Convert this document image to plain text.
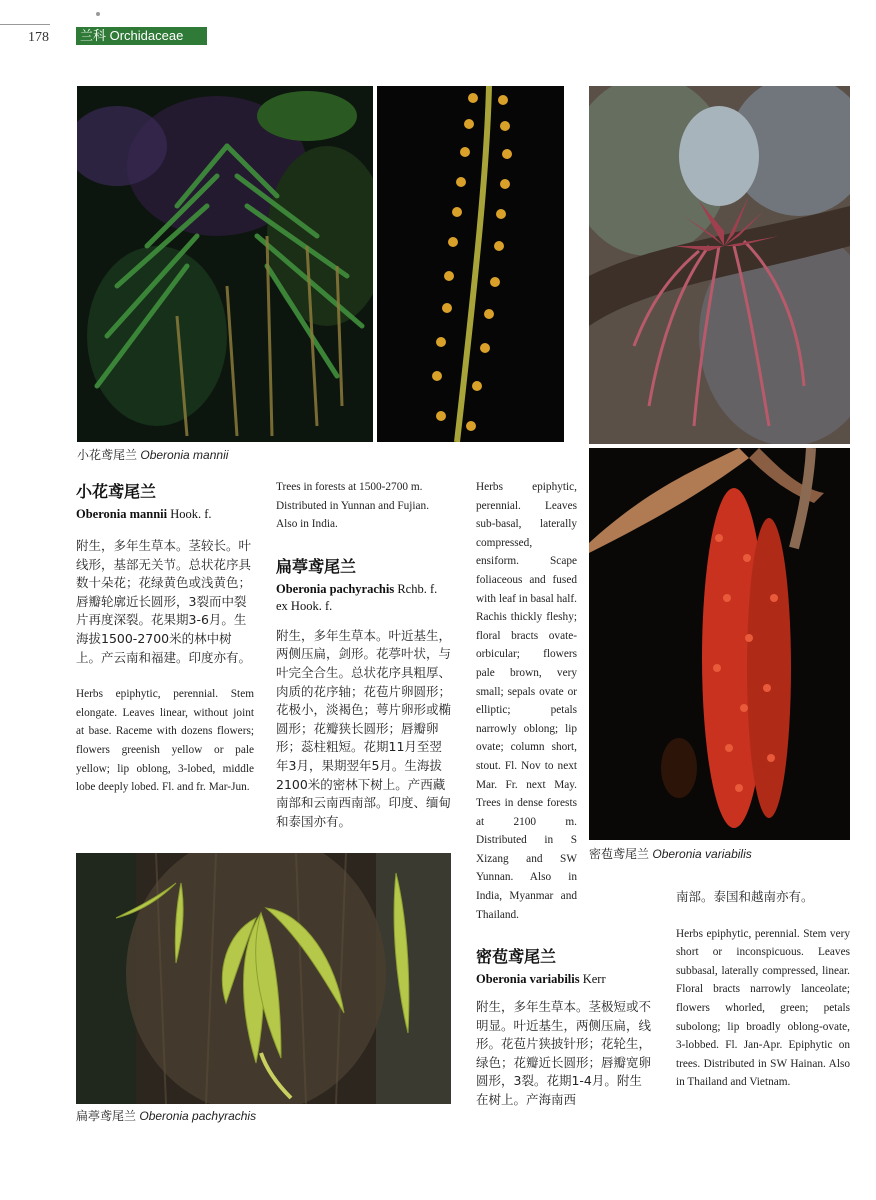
178	兰科 Orchidaceae
小花鸢尾兰 Oberonia mannii
密苞鸢尾兰 Oberonia variabilis
扁葶鸢尾兰 Oberonia pachyrachis
小花鸢尾兰
Oberonia mannii Hook. f.

附生，多年生草本。茎较长。叶线形，基部无关节。总状花序具数十朵花；花绿黄色或浅黄色；唇瓣轮廓近长圆形，3裂而中裂片再度深裂。花果期3-6月。生海拔1500-2700米的林中树上。产云南和福建。印度亦有。

Herbs epiphytic, perennial. Stem elongate. Leaves linear, without joint at base. Raceme with dozens flowers; flowers greenish yellow or pale yellow; lip oblong, 3-lobed, middle lobe deeply lobed. Fl. and fr. Mar-Jun.

Trees in forests at 1500-2700 m. Distributed in Yunnan and Fujian. Also in India.

扁葶鸢尾兰
Oberonia pachyrachis Rchb. f. ex Hook. f.

附生，多年生草本。叶近基生，两侧压扁，剑形。花葶叶状，与叶完全合生。总状花序具粗厚、肉质的花序轴；花苞片卵圆形；花极小，淡褐色；萼片卵形或椭圆形；花瓣狭长圆形；唇瓣卵形；蕊柱粗短。花期11月至翌年3月，果期翌年5月。生海拔2100米的密林下树上。产西藏南部和云南西南部。印度、缅甸和泰国亦有。

Herbs epiphytic, perennial. Leaves sub-basal, laterally compressed, ensiform. Scape foliaceous and fused with leaf in basal half. Rachis thickly fleshy; floral bracts ovate-orbicular; flowers pale brown, very small; sepals ovate or elliptic; petals narrowly oblong; lip ovate; column short, stout. Fl. Nov to next Mar. Fr. next May. Trees in dense forests at 2100 m. Distributed in S Xizang and SW Yunnan. Also in India, Myanmar and Thailand.

密苞鸢尾兰
Oberonia variabilis Kerr

附生，多年生草本。茎极短或不明显。叶近基生，两侧压扁，线形。花苞片狭披针形；花轮生，绿色；花瓣近长圆形；唇瓣宽卵圆形，3裂。花期1-4月。附生在树上。产海南西

南部。泰国和越南亦有。

Herbs epiphytic, perennial. Stem very short or inconspicuous. Leaves subbasal, laterally compressed, linear. Floral bracts narrowly lanceolate; flowers whorled, green; petals subolong; lip broadly oblong-ovate, 3-lobbed. Fl. Jan-Apr. Epiphytic on trees. Distributed in SW Hainan. Also in Thailand and Vietnam.
